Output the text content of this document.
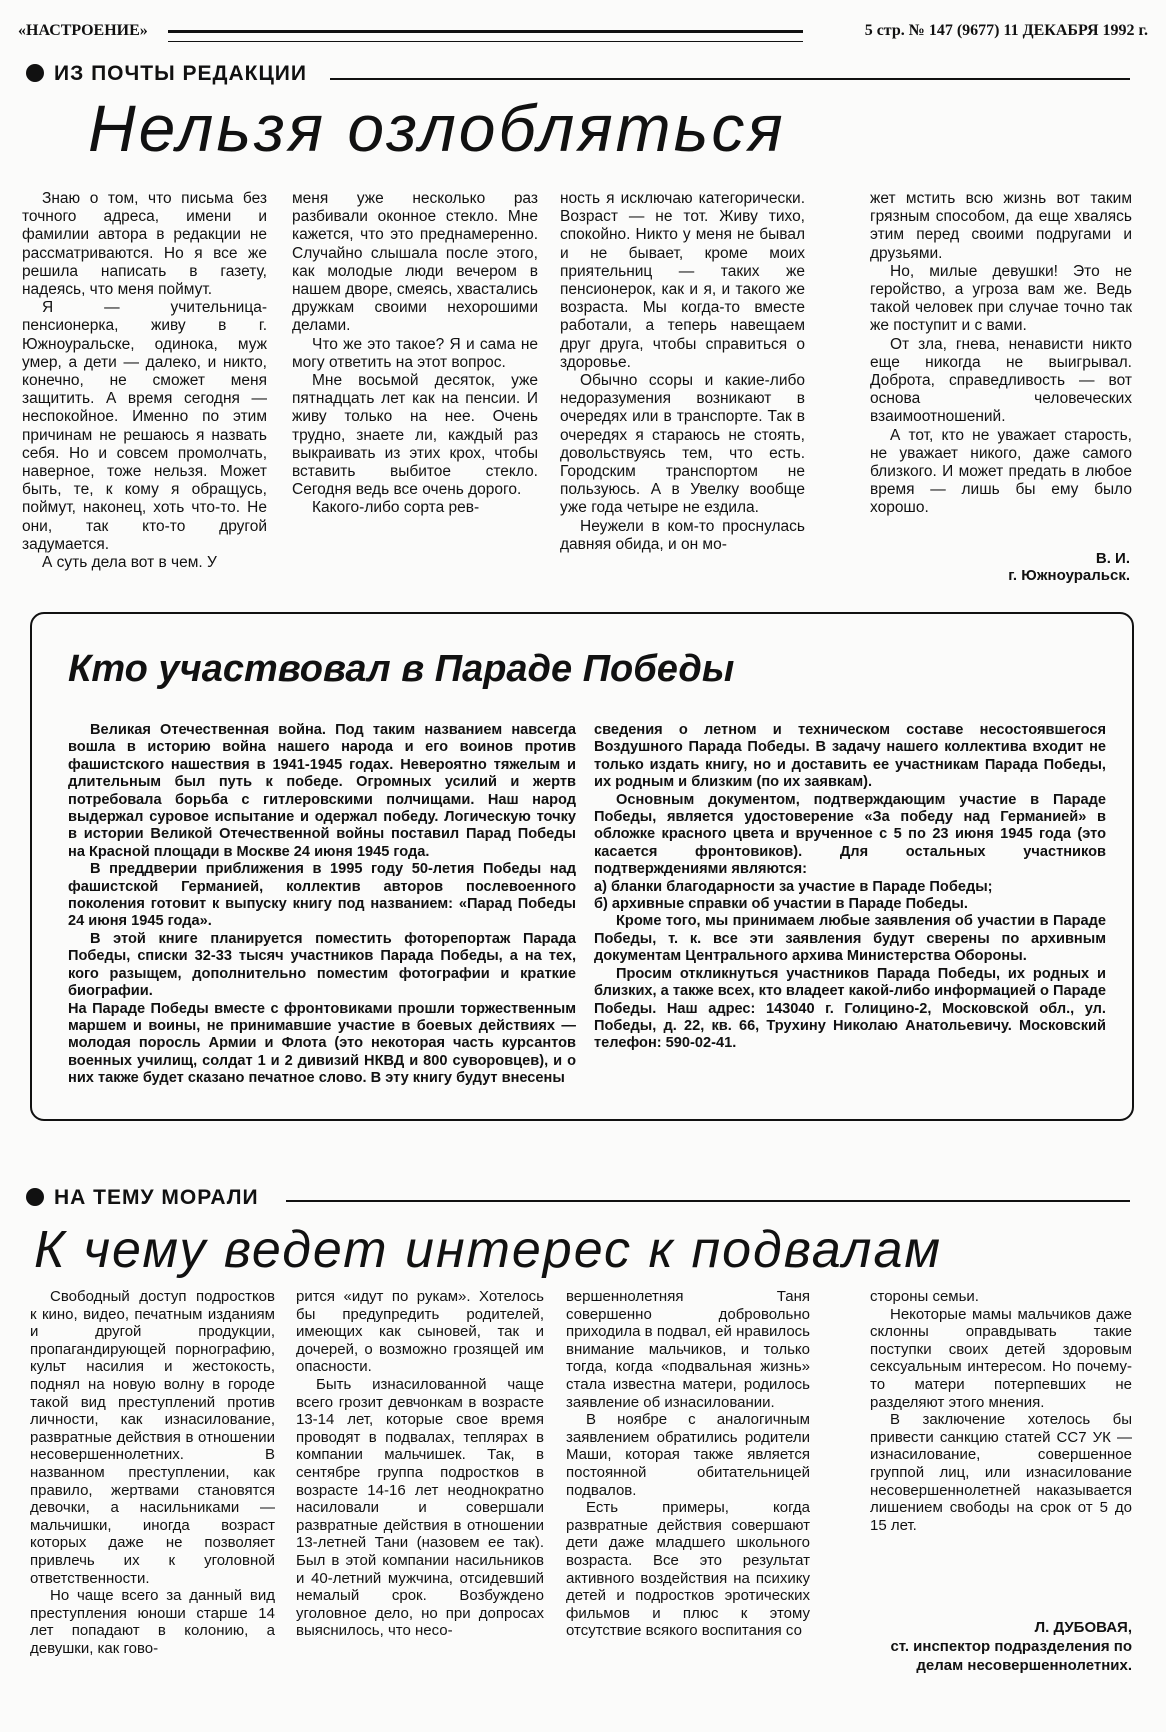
«НАСТРОЕНИЕ»	5 стр. № 147 (9677) 11 ДЕКАБРЯ 1992 г.
ИЗ ПОЧТЫ РЕДАКЦИИ
Нельзя озлобляться

Знаю о том, что письма без точного адреса, имени и фамилии автора в редакции не рассматриваются. Но я все же решила написать в газету, надеясь, что меня поймут.

Я — учительница-пенсионерка, живу в г. Южноуральске, одинока, муж умер, а дети — далеко, и никто, конечно, не сможет меня защитить. А время сегодня — неспокойное. Именно по этим причинам не решаюсь я назвать себя. Но и совсем промолчать, наверное, тоже нельзя. Может быть, те, к кому я обращусь, поймут, наконец, хоть что-то. Не они, так кто-то другой задумается.

А суть дела вот в чем. У

меня уже несколько раз разбивали оконное стекло. Мне кажется, что это преднамеренно. Случайно слышала после этого, как молодые люди вечером в нашем дворе, смеясь, хвастались дружкам своими нехорошими делами.

Что же это такое? Я и сама не могу ответить на этот вопрос.

Мне восьмой десяток, уже пятнадцать лет как на пенсии. И живу только на нее. Очень трудно, знаете ли, каждый раз выкраивать из этих крох, чтобы вставить выбитое стекло. Сегодня ведь все очень дорого.

Какого-либо сорта рев-

ность я исключаю категорически. Возраст — не тот. Живу тихо, спокойно. Никто у меня не бывал и не бывает, кроме моих приятельниц — таких же пенсионерок, как и я, и такого же возраста. Мы когда-то вместе работали, а теперь навещаем друг друга, чтобы справиться о здоровье.

Обычно ссоры и какие-либо недоразумения возникают в очередях или в транспорте. Так в очередях я стараюсь не стоять, довольствуясь тем, что есть. Городским транспортом не пользуюсь. А в Увелку вообще уже года четыре не ездила.

Неужели в ком-то проснулась давняя обида, и он мо-

жет мстить всю жизнь вот таким грязным способом, да еще хвалясь этим перед своими подругами и друзьями.

Но, милые девушки! Это не геройство, а угроза вам же. Ведь такой человек при случае точно так же поступит и с вами.

От зла, гнева, ненависти никто еще никогда не выигрывал. Доброта, справедливость — вот основа человеческих взаимоотношений.

А тот, кто не уважает старость, не уважает никого, даже самого близкого. И может предать в любое время — лишь бы ему было хорошо.

В. И.
г. Южноуральск.
Кто участвовал в Параде Победы

Великая Отечественная война. Под таким названием навсегда вошла в историю война нашего народа и его воинов против фашистского нашествия в 1941-1945 годах. Невероятно тяжелым и длительным был путь к победе. Огромных усилий и жертв потребовала борьба с гитлеровскими полчищами. Наш народ выдержал суровое испытание и одержал победу. Логическую точку в истории Великой Отечественной войны поставил Парад Победы на Красной площади в Москве 24 июня 1945 года.

В преддверии приближения в 1995 году 50-летия Победы над фашистской Германией, коллектив авторов послевоенного поколения готовит к выпуску книгу под названием: «Парад Победы 24 июня 1945 года».

В этой книге планируется поместить фоторепортаж Парада Победы, списки 32-33 тысяч участников Парада Победы, а на тех, кого разыщем, дополнительно поместим фотографии и краткие биографии.

На Параде Победы вместе с фронтовиками прошли торжественным маршем и воины, не принимавшие участие в боевых действиях — молодая поросль Армии и Флота (это некоторая часть курсантов военных училищ, солдат 1 и 2 дивизий НКВД и 800 суворовцев), и о них также будет сказано печатное слово. В эту книгу будут внесены

сведения о летном и техническом составе несостоявшегося Воздушного Парада Победы. В задачу нашего коллектива входит не только издать книгу, но и доставить ее участникам Парада Победы, их родным и близким (по их заявкам).

Основным документом, подтверждающим участие в Параде Победы, является удостоверение «За победу над Германией» в обложке красного цвета и врученное с 5 по 23 июня 1945 года (это касается фронтовиков). Для остальных участников подтверждениями являются:

а) бланки благодарности за участие в Параде Победы;

б) архивные справки об участии в Параде Победы.

Кроме того, мы принимаем любые заявления об участии в Параде Победы, т. к. все эти заявления будут сверены по архивным документам Центрального архива Министерства Обороны.

Просим откликнуться участников Парада Победы, их родных и близких, а также всех, кто владеет какой-либо информацией о Параде Победы. Наш адрес: 143040 г. Голицино-2, Московской обл., ул. Победы, д. 22, кв. 66, Трухину Николаю Анатольевичу. Московский телефон: 590-02-41.

НА ТЕМУ МОРАЛИ
К чему ведет интерес к подвалам

Свободный доступ подростков к кино, видео, печатным изданиям и другой продукции, пропагандирующей порнографию, культ насилия и жестокость, поднял на новую волну в городе такой вид преступлений против личности, как изнасилование, развратные действия в отношении несовершеннолетних. В названном преступлении, как правило, жертвами становятся девочки, а насильниками — мальчишки, иногда возраст которых даже не позволяет привлечь их к уголовной ответственности.

Но чаще всего за данный вид преступления юноши старше 14 лет попадают в колонию, а девушки, как гово-

рится «идут по рукам». Хотелось бы предупредить родителей, имеющих как сыновей, так и дочерей, о возможно грозящей им опасности.

Быть изнасилованной чаще всего грозит девчонкам в возрасте 13-14 лет, которые свое время проводят в подвалах, теплярах в компании мальчишек. Так, в сентябре группа подростков в возрасте 14-16 лет неоднократно насиловали и совершали развратные действия в отношении 13-летней Тани (назовем ее так). Был в этой компании насильников и 40-летний мужчина, отсидевший немалый срок. Возбуждено уголовное дело, но при допросах выяснилось, что несо-

вершеннолетняя Таня совершенно добровольно приходила в подвал, ей нравилось внимание мальчиков, и только тогда, когда «подвальная жизнь» стала известна матери, родилось заявление об изнасиловании.

В ноябре с аналогичным заявлением обратились родители Маши, которая также является постоянной обитательницей подвалов.

Есть примеры, когда развратные действия совершают дети даже младшего школьного возраста. Все это результат активного воздействия на психику детей и подростков эротических фильмов и плюс к этому отсутствие всякого воспитания со

стороны семьи.

Некоторые мамы мальчиков даже склонны оправдывать такие поступки своих детей здоровым сексуальным интересом. Но почему-то матери потерпевших не разделяют этого мнения.

В заключение хотелось бы привести санкцию статей СС7 УК — изнасилование, совершенное группой лиц, или изнасилование несовершеннолетней наказывается лишением свободы на срок от 5 до 15 лет.

Л. ДУБОВАЯ,
ст. инспектор подразделения по делам несовершеннолетних.
